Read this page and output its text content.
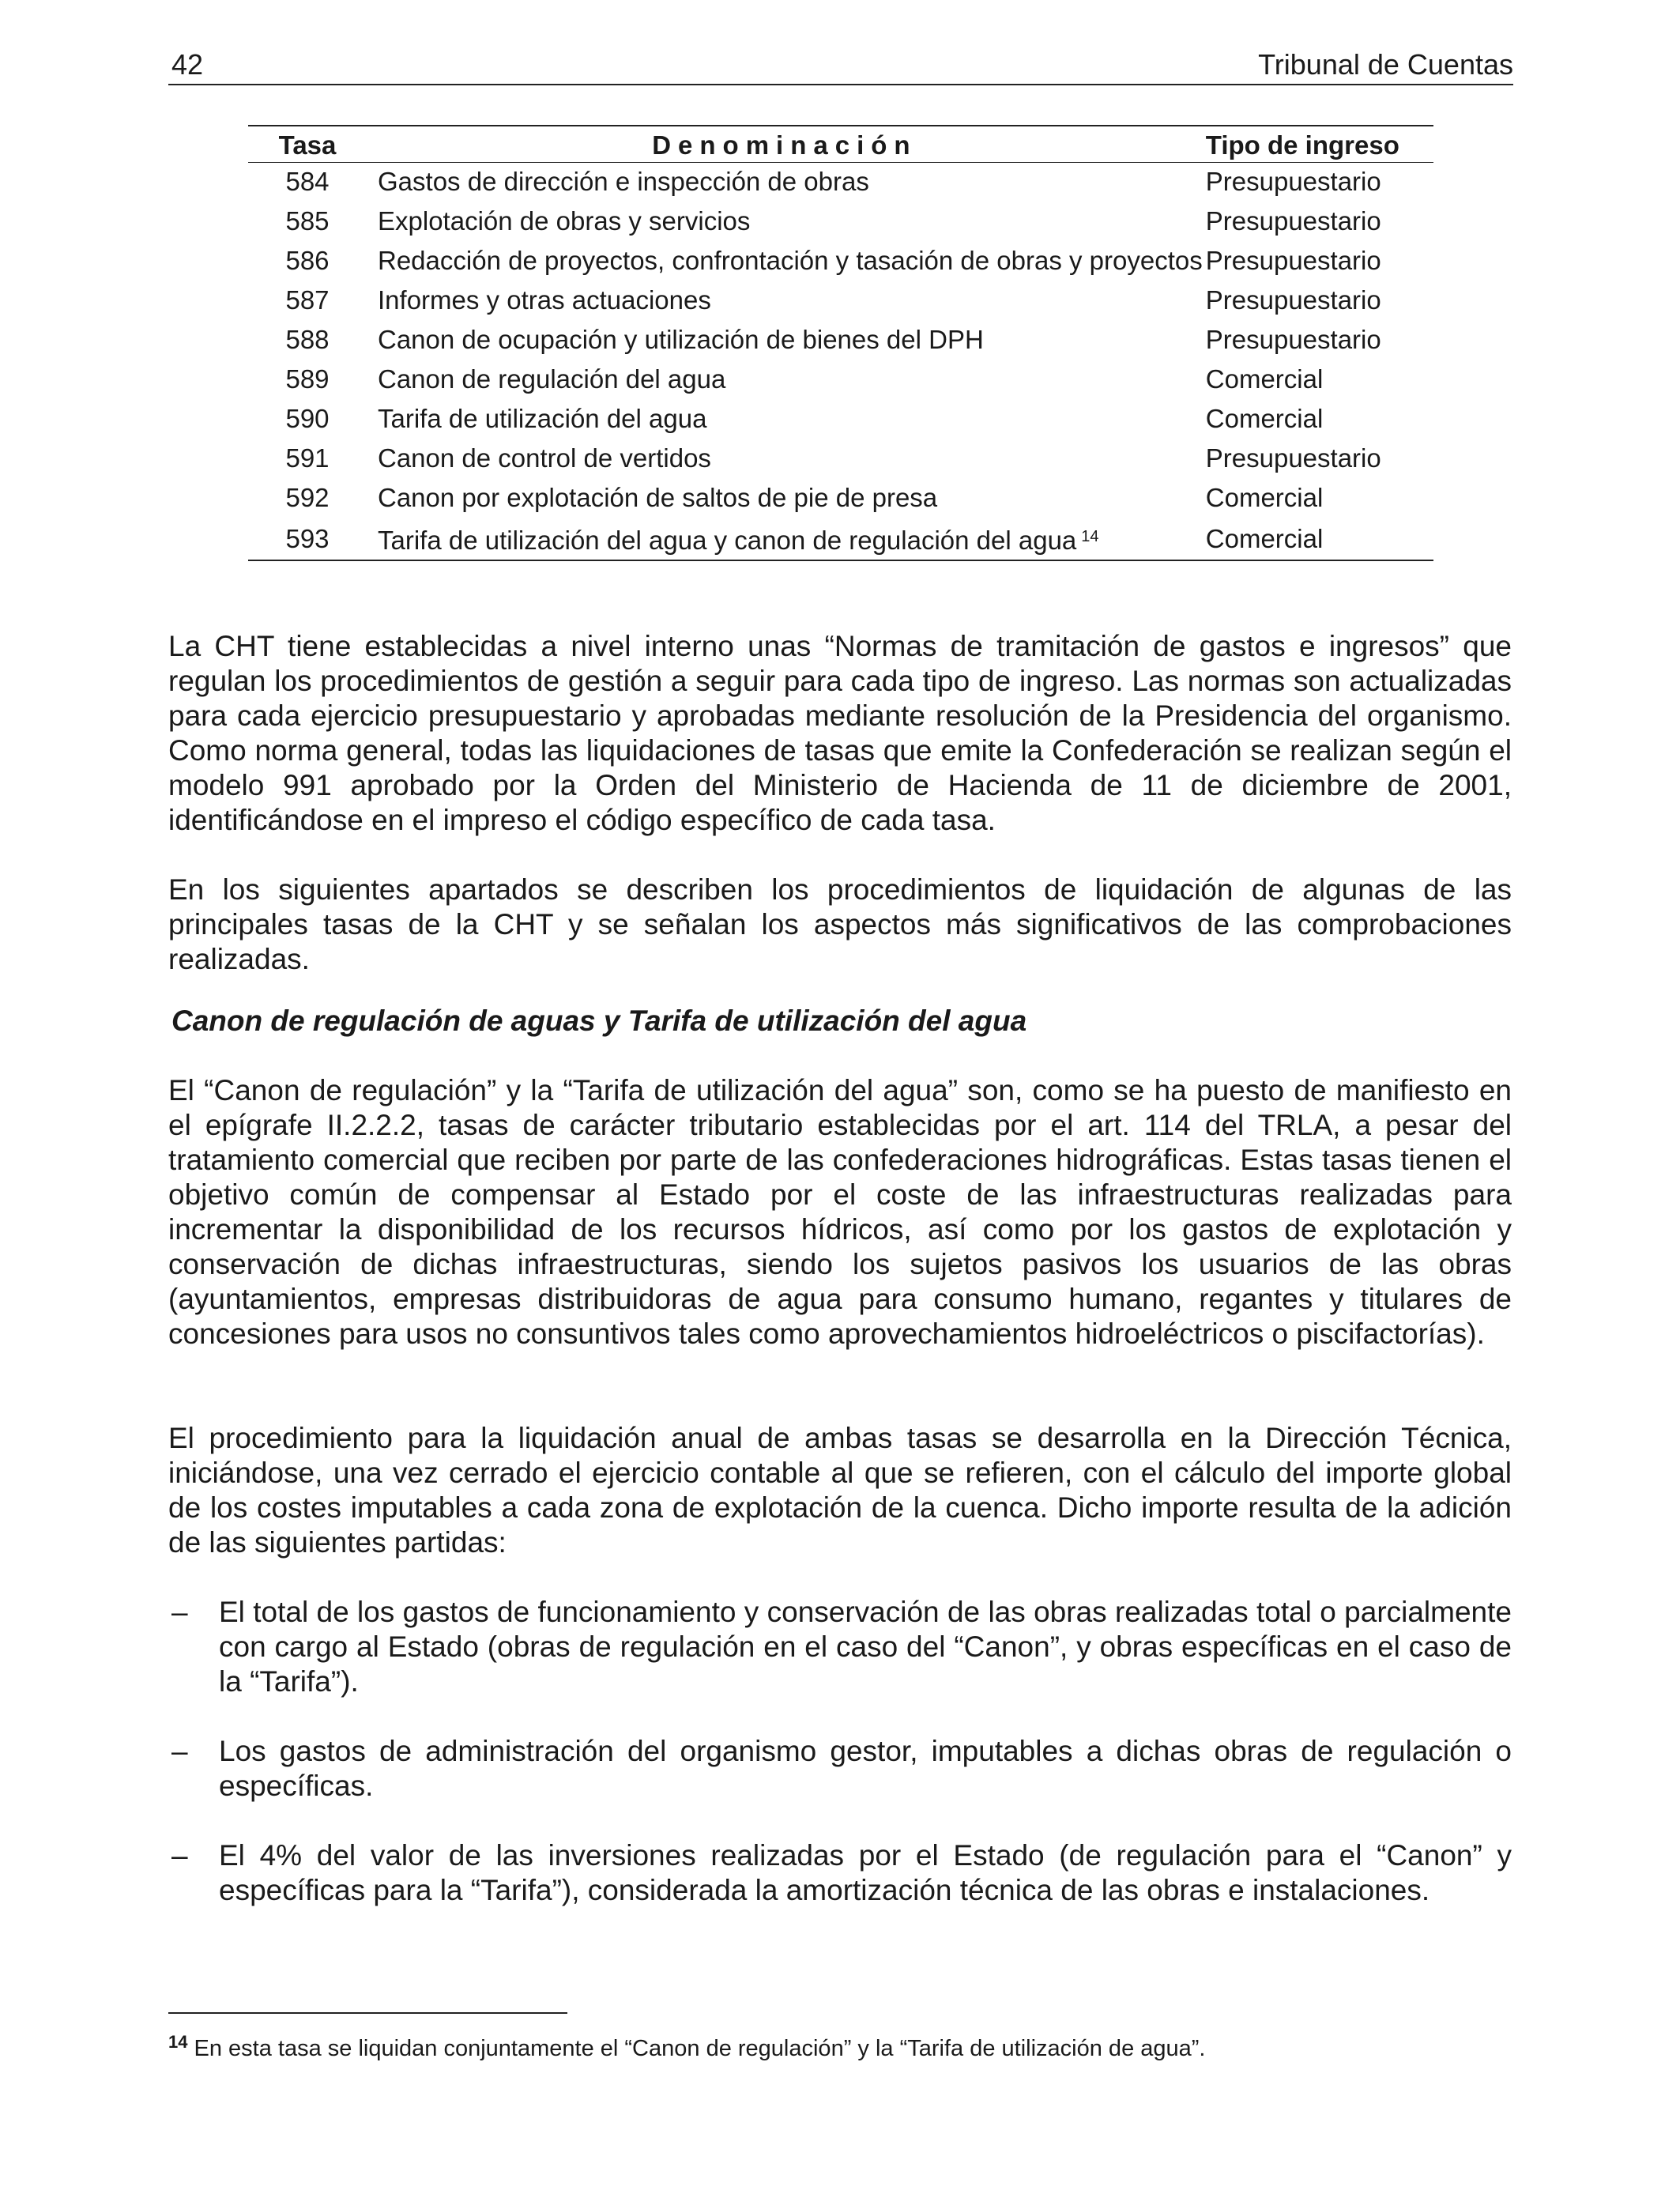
42	Tribunal de Cuentas
Tasa	Denominación	Tipo de ingreso
584	Gastos de dirección e inspección de obras	Presupuestario
585	Explotación de obras y servicios	Presupuestario
586	Redacción de proyectos, confrontación y tasación de obras y proyectos	Presupuestario
587	Informes y otras actuaciones	Presupuestario
588	Canon de ocupación y utilización de bienes del DPH	Presupuestario
589	Canon de regulación del agua	Comercial
590	Tarifa de utilización del agua	Comercial
591	Canon de control de vertidos	Presupuestario
592	Canon por explotación de saltos de pie de presa	Comercial
593	Tarifa de utilización del agua y canon de regulación del agua $^{14}$	Comercial

La CHT tiene establecidas a nivel interno unas “Normas de tramitación de gastos e ingresos” que regulan los procedimientos de gestión a seguir para cada tipo de ingreso. Las normas son actualizadas para cada ejercicio presupuestario y aprobadas mediante resolución de la Presidencia del organismo. Como norma general, todas las liquidaciones de tasas que emite la Confederación se realizan según el modelo 991 aprobado por la Orden del Ministerio de Hacienda de 11 de diciembre de 2001, identificándose en el impreso el código específico de cada tasa.

En los siguientes apartados se describen los procedimientos de liquidación de algunas de las principales tasas de la CHT y se señalan los aspectos más significativos de las comprobaciones realizadas.

Canon de regulación de aguas y Tarifa de utilización del agua

El “Canon de regulación” y la “Tarifa de utilización del agua” son, como se ha puesto de manifiesto en el epígrafe II.2.2.2, tasas de carácter tributario establecidas por el art. 114 del TRLA, a pesar del tratamiento comercial que reciben por parte de las confederaciones hidrográficas. Estas tasas tienen el objetivo común de compensar al Estado por el coste de las infraestructuras realizadas para incrementar la disponibilidad de los recursos hídricos, así como por los gastos de explotación y conservación de dichas infraestructuras, siendo los sujetos pasivos los usuarios de las obras (ayuntamientos, empresas distribuidoras de agua para consumo humano, regantes y titulares de concesiones para usos no consuntivos tales como aprovechamientos hidroeléctricos o piscifactorías).

El procedimiento para la liquidación anual de ambas tasas se desarrolla en la Dirección Técnica, iniciándose, una vez cerrado el ejercicio contable al que se refieren, con el cálculo del importe global de los costes imputables a cada zona de explotación de la cuenca. Dicho importe resulta de la adición de las siguientes partidas:

– El total de los gastos de funcionamiento y conservación de las obras realizadas total o parcialmente con cargo al Estado (obras de regulación en el caso del “Canon”, y obras específicas en el caso de la “Tarifa”).
– Los gastos de administración del organismo gestor, imputables a dichas obras de regulación o específicas.
– El 4% del valor de las inversiones realizadas por el Estado (de regulación para el “Canon” y específicas para la “Tarifa”), considerada la amortización técnica de las obras e instalaciones.
$^{14}$ En esta tasa se liquidan conjuntamente el “Canon de regulación” y la “Tarifa de utilización de agua”.
